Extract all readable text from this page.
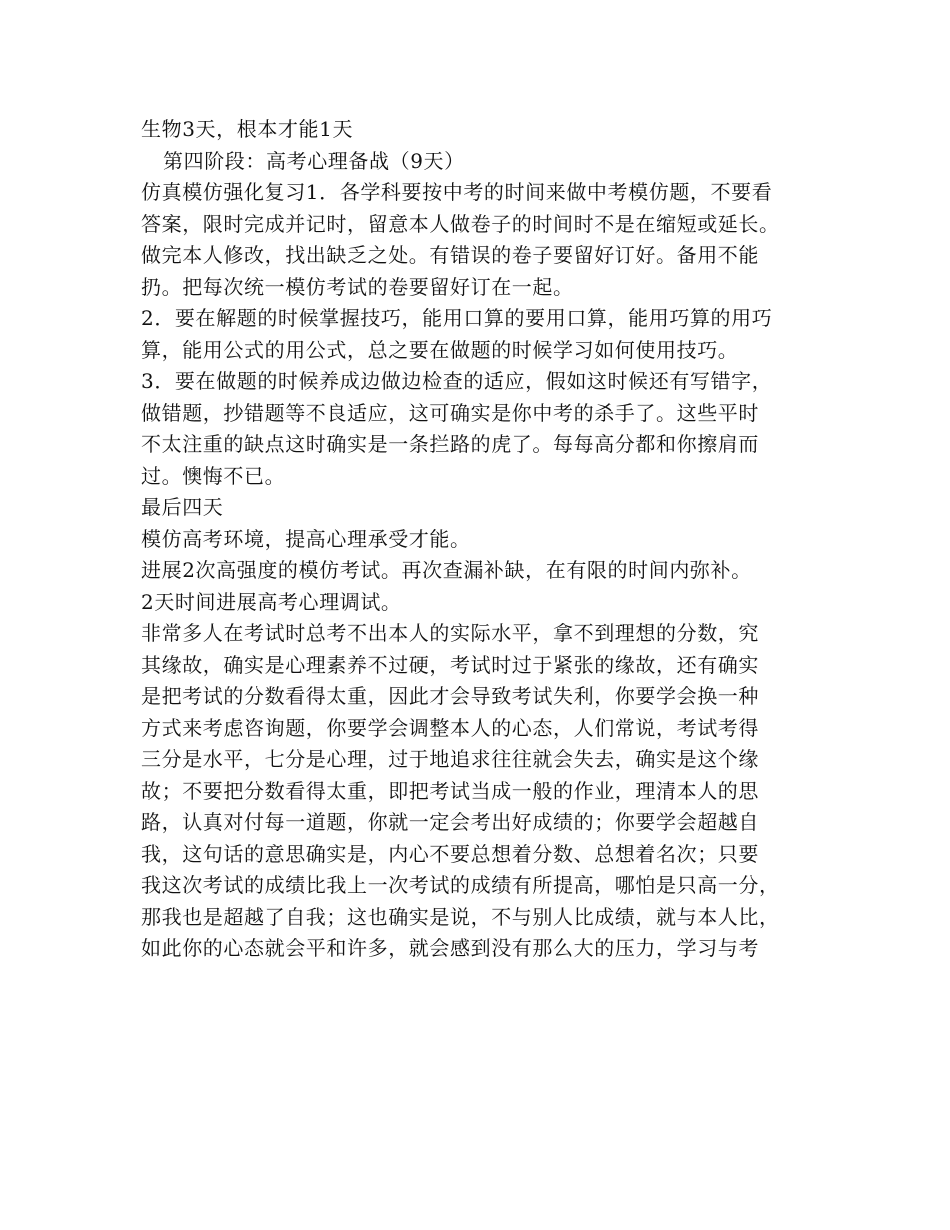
生物3天，根本才能1天
第四阶段：高考心理备战（9天）
仿真模仿强化复习1．各学科要按中考的时间来做中考模仿题，不要看
答案，限时完成并记时，留意本人做卷子的时间时不是在缩短或延长。
做完本人修改，找出缺乏之处。有错误的卷子要留好订好。备用不能
扔。把每次统一模仿考试的卷要留好订在一起。
2．要在解题的时候掌握技巧，能用口算的要用口算，能用巧算的用巧
算，能用公式的用公式，总之要在做题的时候学习如何使用技巧。
3．要在做题的时候养成边做边检查的适应，假如这时候还有写错字，
做错题，抄错题等不良适应，这可确实是你中考的杀手了。这些平时
不太注重的缺点这时确实是一条拦路的虎了。每每高分都和你擦肩而
过。懊悔不已。
最后四天
模仿高考环境，提高心理承受才能。
进展2次高强度的模仿考试。再次查漏补缺，在有限的时间内弥补。
2天时间进展高考心理调试。
非常多人在考试时总考不出本人的实际水平，拿不到理想的分数，究
其缘故，确实是心理素养不过硬，考试时过于紧张的缘故，还有确实
是把考试的分数看得太重，因此才会导致考试失利，你要学会换一种
方式来考虑咨询题，你要学会调整本人的心态，人们常说，考试考得
三分是水平，七分是心理，过于地追求往往就会失去，确实是这个缘
故；不要把分数看得太重，即把考试当成一般的作业，理清本人的思
路，认真对付每一道题，你就一定会考出好成绩的；你要学会超越自
我，这句话的意思确实是，内心不要总想着分数、总想着名次；只要
我这次考试的成绩比我上一次考试的成绩有所提高，哪怕是只高一分，
那我也是超越了自我；这也确实是说，不与别人比成绩，就与本人比，
如此你的心态就会平和许多，就会感到没有那么大的压力，学习与考
